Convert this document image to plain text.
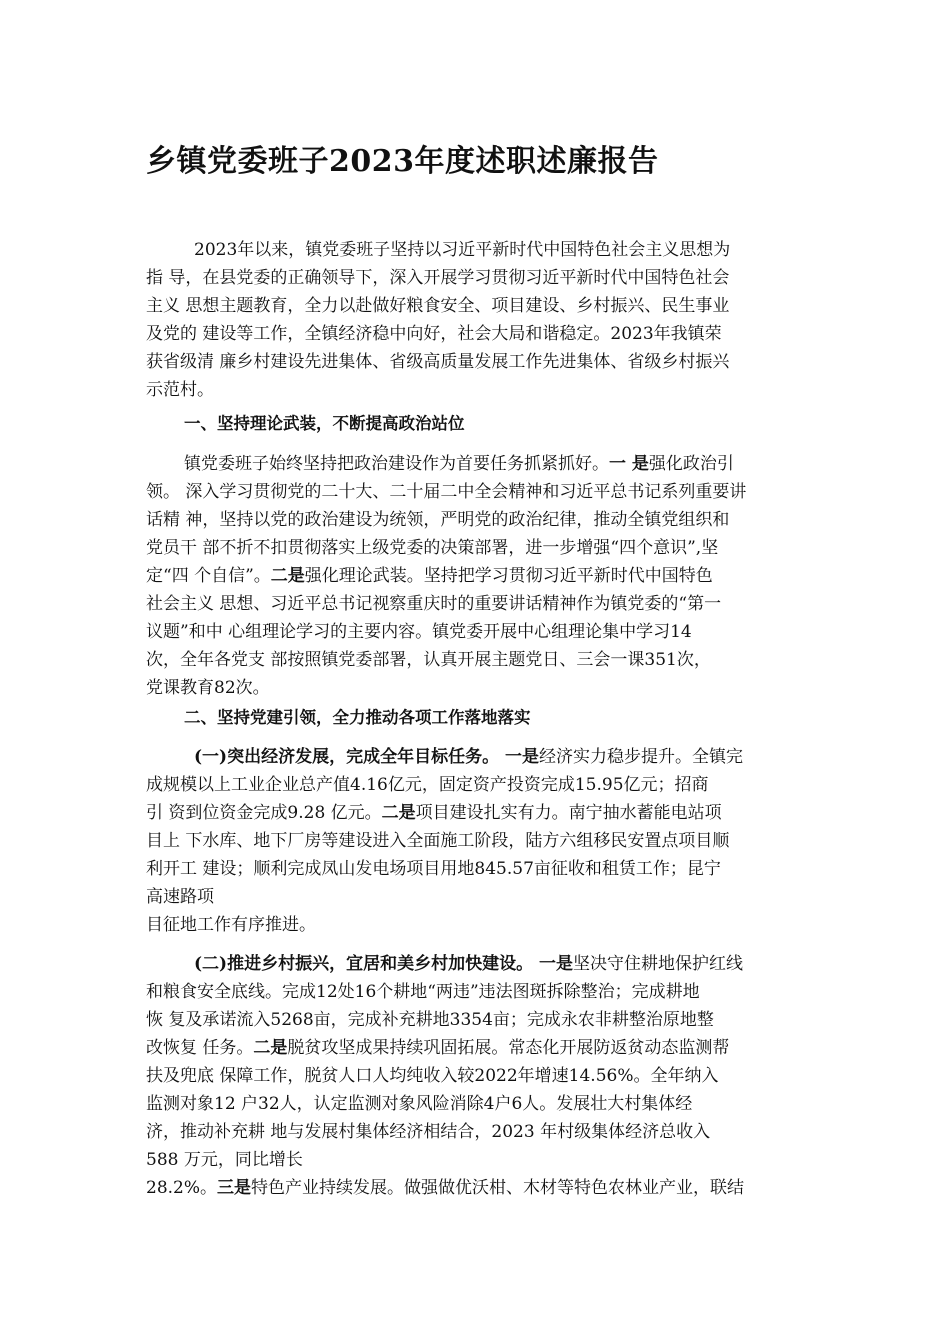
乡镇党委班子2023年度述职述廉报告
2023年以来，镇党委班子坚持以习近平新时代中国特色社会主义思想为
指 导，在县党委的正确领导下，深入开展学习贯彻习近平新时代中国特色社会
主义 思想主题教育，全力以赴做好粮食安全、项目建设、乡村振兴、民生事业
及党的 建设等工作，全镇经济稳中向好，社会大局和谐稳定。2023年我镇荣
获省级清 廉乡村建设先进集体、省级高质量发展工作先进集体、省级乡村振兴
示范村。
一、坚持理论武装，不断提高政治站位
镇党委班子始终坚持把政治建设作为首要任务抓紧抓好。一 是强化政治引
领。 深入学习贯彻党的二十大、二十届二中全会精神和习近平总书记系列重要讲
话精 神，坚持以党的政治建设为统领，严明党的政治纪律，推动全镇党组织和
党员干 部不折不扣贯彻落实上级党委的决策部署，进一步增强“四个意识”,坚
定“四 个自信”。二是强化理论武装。坚持把学习贯彻习近平新时代中国特色
社会主义 思想、习近平总书记视察重庆时的重要讲话精神作为镇党委的“第一
议题”和中 心组理论学习的主要内容。镇党委开展中心组理论集中学习14
次，全年各党支 部按照镇党委部署，认真开展主题党日、三会一课351次，
党课教育82次。
二、坚持党建引领，全力推动各项工作落地落实
(一)突出经济发展，完成全年目标任务。 一是经济实力稳步提升。全镇完
成规模以上工业企业总产值4.16亿元，固定资产投资完成15.95亿元；招商
引 资到位资金完成9.28 亿元。二是项目建设扎实有力。南宁抽水蓄能电站项
目上 下水库、地下厂房等建设进入全面施工阶段，陆方六组移民安置点项目顺
利开工 建设；顺利完成凤山发电场项目用地845.57亩征收和租赁工作；昆宁
高速路项
目征地工作有序推进。
(二)推进乡村振兴，宜居和美乡村加快建设。 一是坚决守住耕地保护红线
和粮食安全底线。完成12处16个耕地“两违”违法图斑拆除整治；完成耕地
恢 复及承诺流入5268亩，完成补充耕地3354亩；完成永农非耕整治原地整
改恢复 任务。二是脱贫攻坚成果持续巩固拓展。常态化开展防返贫动态监测帮
扶及兜底 保障工作，脱贫人口人均纯收入较2022年增速14.56%。全年纳入
监测对象12 户32人，认定监测对象风险消除4户6人。发展壮大村集体经
济，推动补充耕 地与发展村集体经济相结合，2023 年村级集体经济总收入
588 万元，同比增长
28.2%。三是特色产业持续发展。做强做优沃柑、木材等特色农林业产业，联结
